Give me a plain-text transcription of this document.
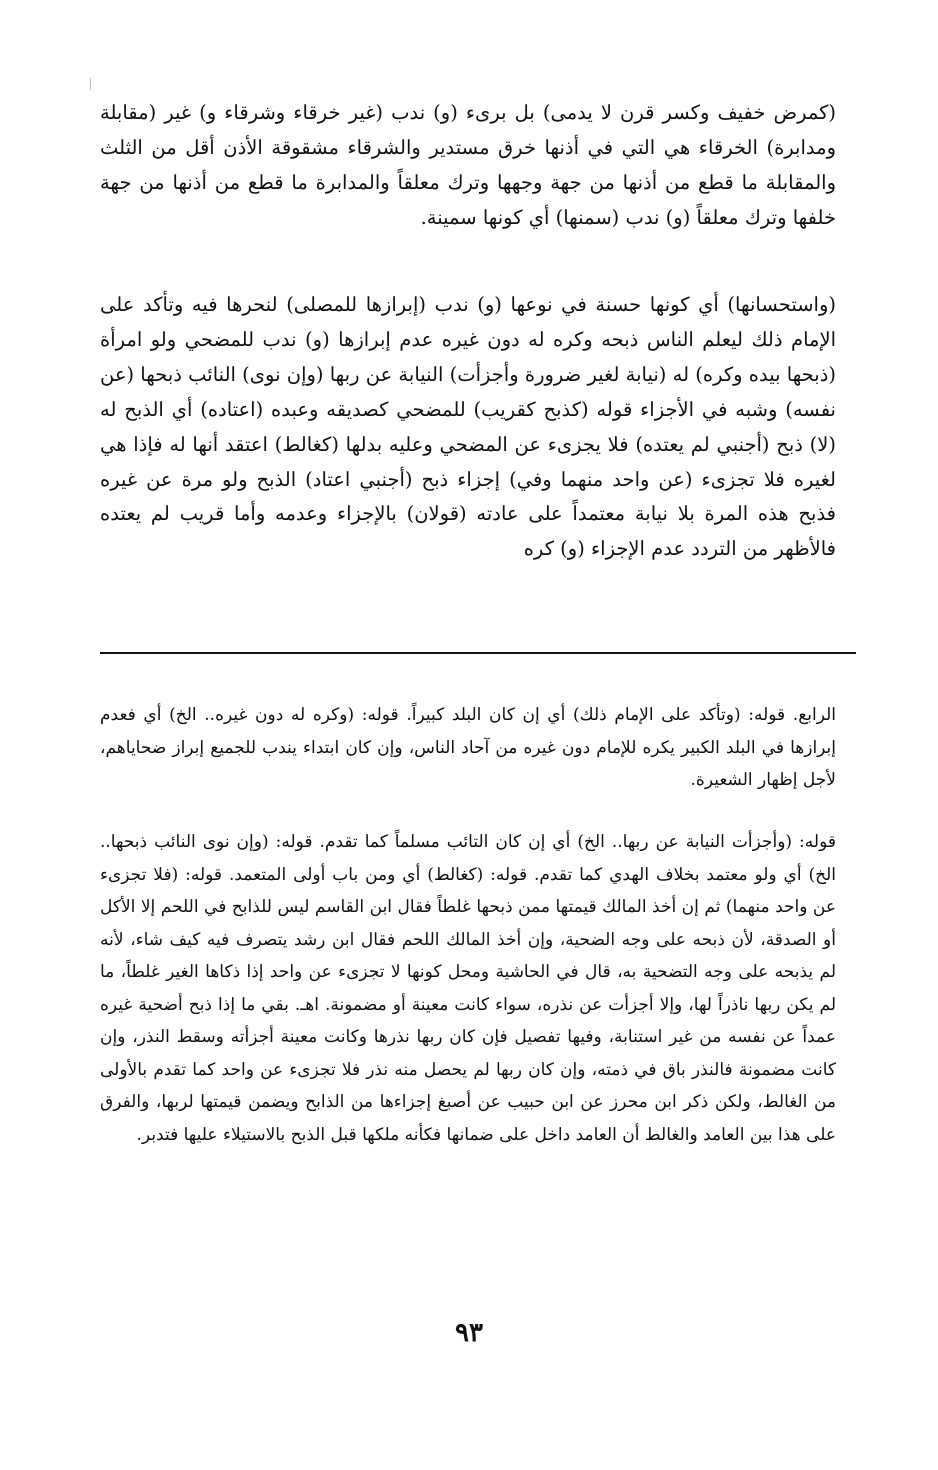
(كمرض خفيف وكسر قرن لا يدمى) بل برىء (و) ندب (غير خرقاء وشرقاء و) غير (مقابلة ومدابرة) الخرقاء هي التي في أذنها خرق مستدير والشرقاء مشقوقة الأذن أقل من الثلث والمقابلة ما قطع من أذنها من جهة وجهها وترك معلقاً والمدابرة ما قطع من أذنها من جهة خلفها وترك معلقاً (و) ندب (سمنها) أي كونها سمينة.

(واستحسانها) أي كونها حسنة في نوعها (و) ندب (إبرازها للمصلى) لنحرها فيه وتأكد على الإمام ذلك ليعلم الناس ذبحه وكره له دون غيره عدم إبرازها (و) ندب للمضحي ولو امرأة (ذبحها بيده وكره) له (نيابة لغير ضرورة وأجزأت) النيابة عن ربها (وإن نوى) النائب ذبحها (عن نفسه) وشبه في الأجزاء قوله (كذبح كقريب) للمضحي كصديقه وعبده (اعتاده) أي الذبح له (لا) ذبح (أجنبي لم يعتده) فلا يجزىء عن المضحي وعليه بدلها (كغالط) اعتقد أنها له فإذا هي لغيره فلا تجزىء (عن واحد منهما وفي) إجزاء ذبح (أجنبي اعتاد) الذبح ولو مرة عن غيره فذبح هذه المرة بلا نيابة معتمداً على عادته (قولان) بالإجزاء وعدمه وأما قريب لم يعتده فالأظهر من التردد عدم الإجزاء (و) كره

الرابع. قوله: (وتأكد على الإمام ذلك) أي إن كان البلد كبيراً. قوله: (وكره له دون غيره.. الخ) أي فعدم إبرازها في البلد الكبير يكره للإمام دون غيره من آحاد الناس، وإن كان ابتداء يندب للجميع إبراز ضحاياهم، لأجل إظهار الشعيرة.

قوله: (وأجزأت النيابة عن ربها.. الخ) أي إن كان التائب مسلماً كما تقدم. قوله: (وإن نوى النائب ذبحها.. الخ) أي ولو معتمد بخلاف الهدي كما تقدم. قوله: (كغالط) أي ومن باب أولى المتعمد. قوله: (فلا تجزىء عن واحد منهما) ثم إن أخذ المالك قيمتها ممن ذبحها غلطاً فقال ابن القاسم ليس للذابح في اللحم إلا الأكل أو الصدقة، لأن ذبحه على وجه الضحية، وإن أخذ المالك اللحم فقال ابن رشد يتصرف فيه كيف شاء، لأنه لم يذبحه على وجه التضحية به، قال في الحاشية ومحل كونها لا تجزىء عن واحد إذا ذكاها الغير غلطاً، ما لم يكن ربها ناذراً لها، وإلا أجزأت عن نذره، سواء كانت معينة أو مضمونة. اهـ. بقي ما إذا ذبح أضحية غيره عمداً عن نفسه من غير استنابة، وفيها تفصيل فإن كان ربها نذرها وكانت معينة أجزأته وسقط النذر، وإن كانت مضمونة فالنذر باق في ذمته، وإن كان ربها لم يحصل منه نذر فلا تجزىء عن واحد كما تقدم بالأولى من الغالط، ولكن ذكر ابن محرز عن ابن حبيب عن أصبغ إجزاءها من الذابح ويضمن قيمتها لربها، والفرق على هذا بين العامد والغالط أن العامد داخل على ضمانها فكأنه ملكها قبل الذبح بالاستيلاء عليها فتدبر.

٩٣
